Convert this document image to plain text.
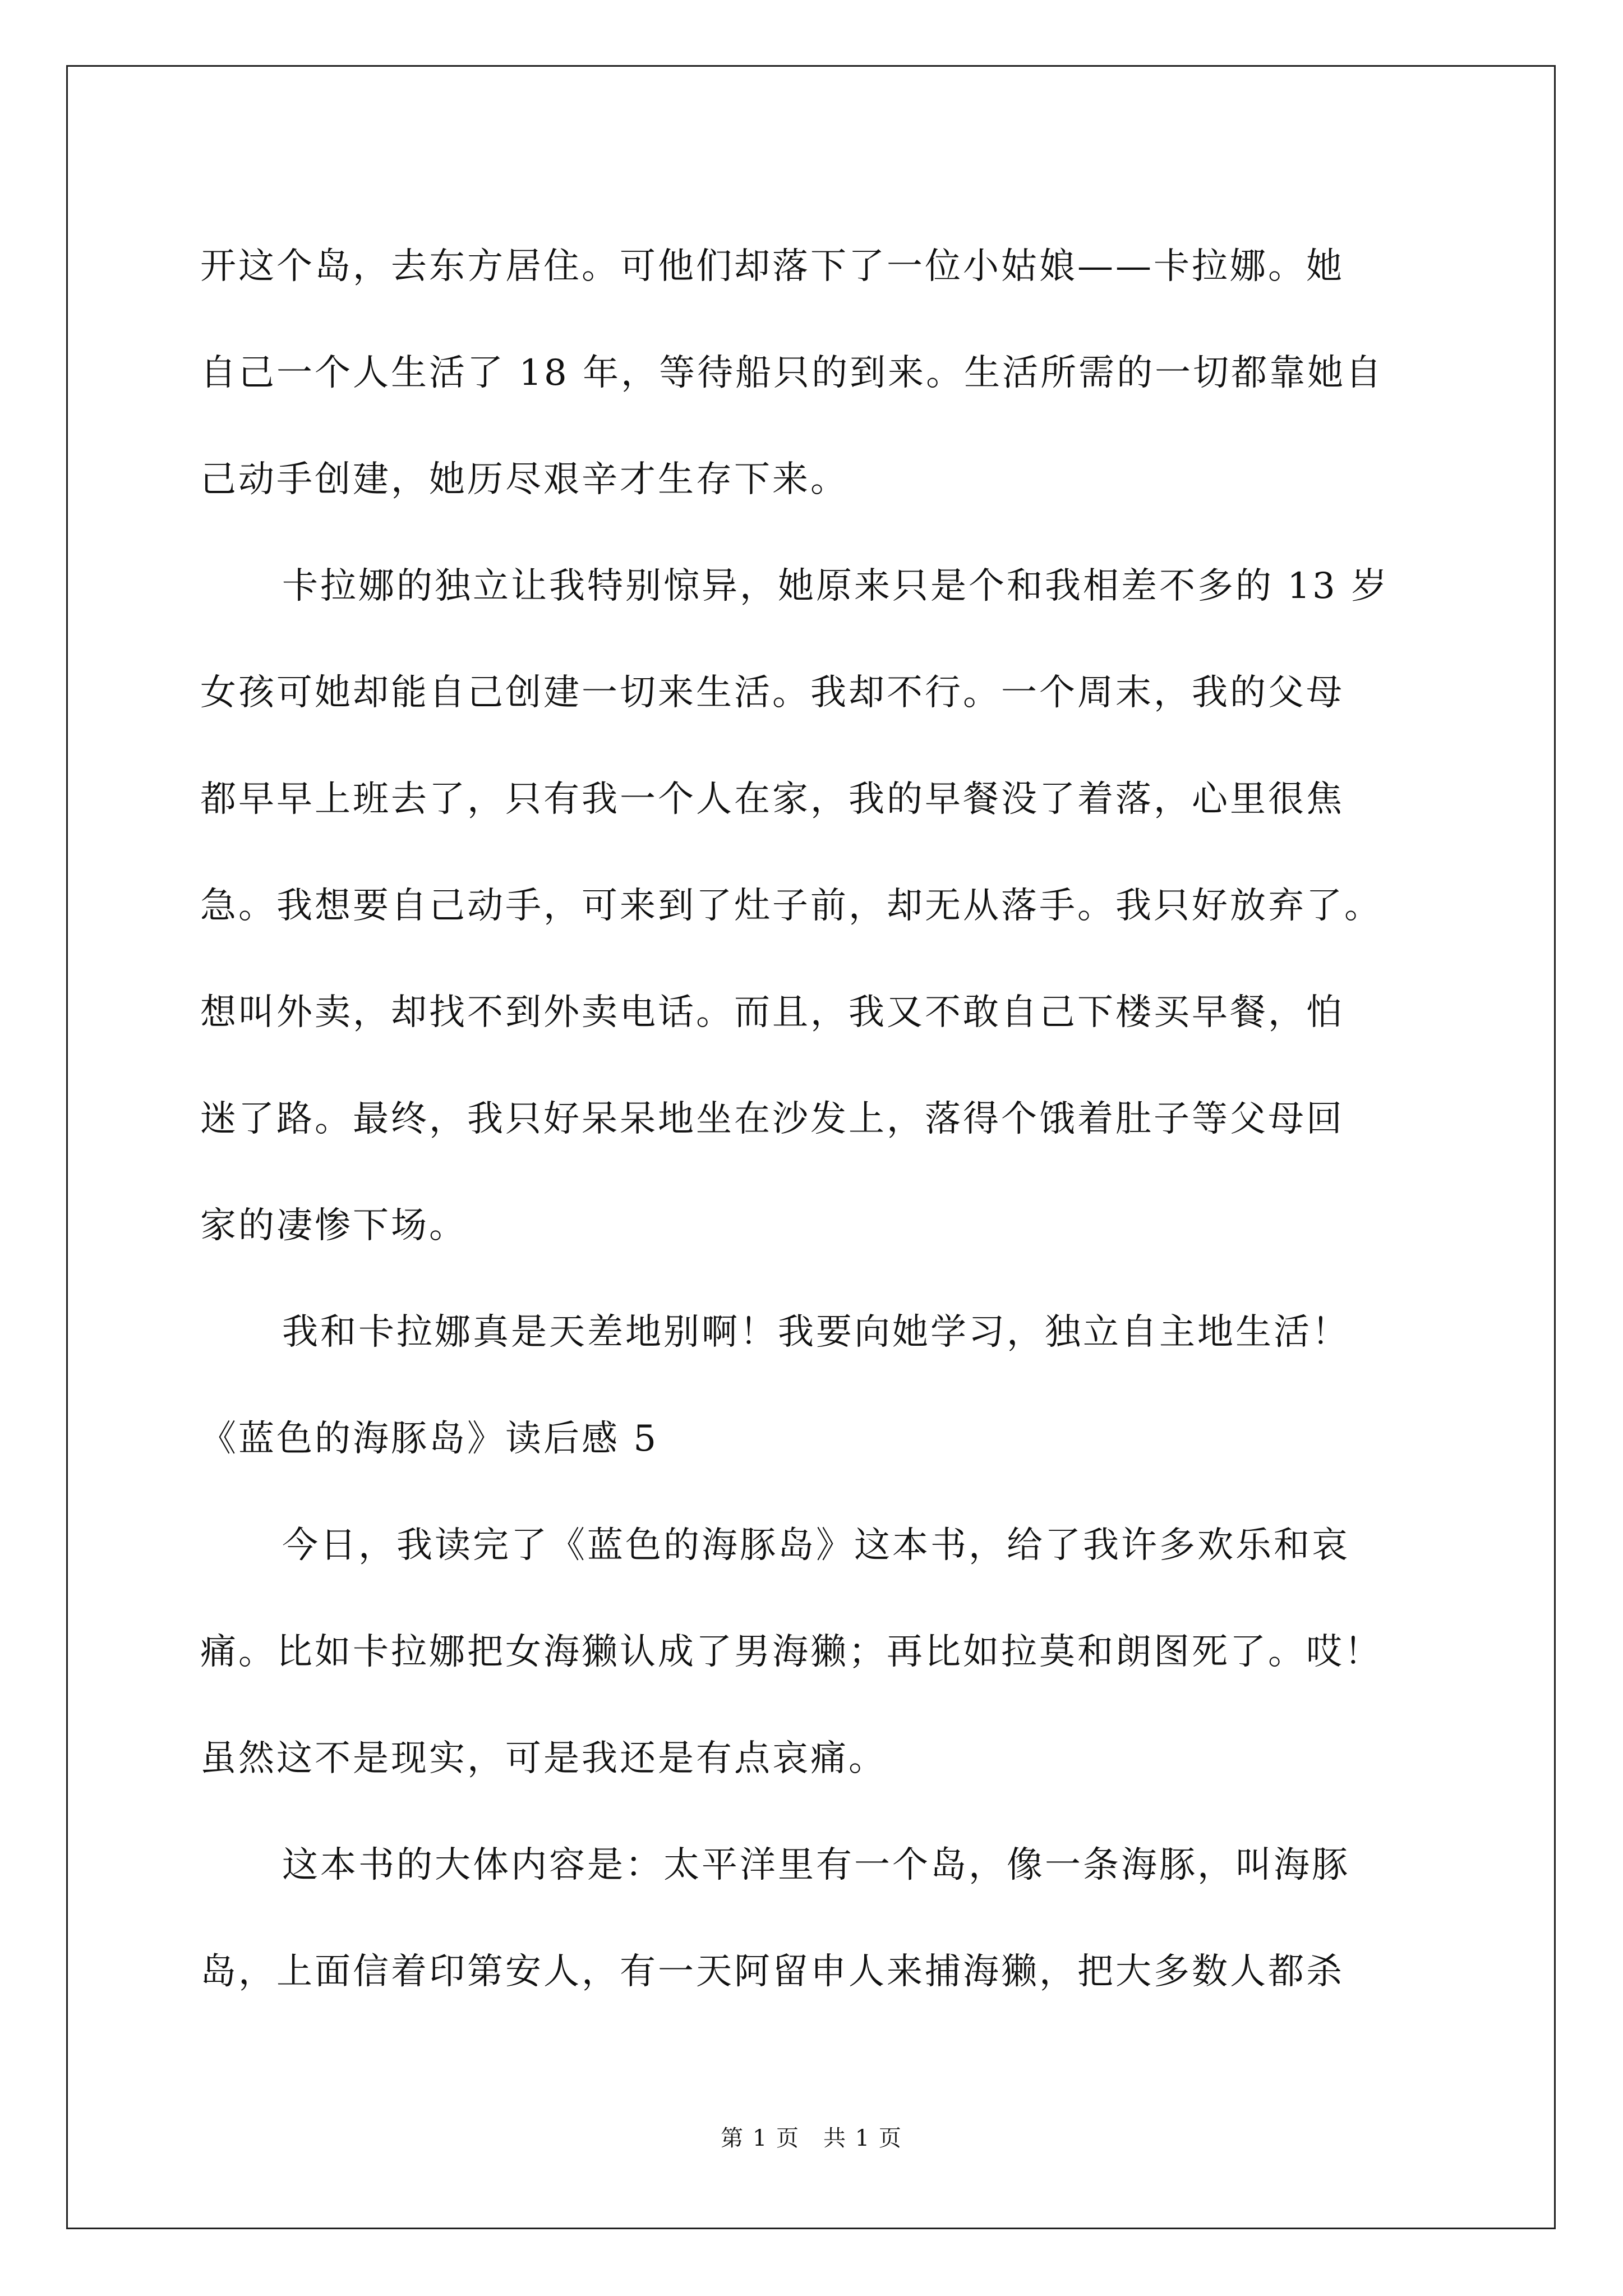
开这个岛，去东方居住。可他们却落下了一位小姑娘——卡拉娜。她
自己一个人生活了 18 年，等待船只的到来。生活所需的一切都靠她自
己动手创建，她历尽艰辛才生存下来。
卡拉娜的独立让我特别惊异，她原来只是个和我相差不多的 13 岁
女孩可她却能自己创建一切来生活。我却不行。一个周末，我的父母
都早早上班去了，只有我一个人在家，我的早餐没了着落，心里很焦
急。我想要自己动手，可来到了灶子前，却无从落手。我只好放弃了。
想叫外卖，却找不到外卖电话。而且，我又不敢自己下楼买早餐，怕
迷了路。最终，我只好呆呆地坐在沙发上，落得个饿着肚子等父母回
家的凄惨下场。
我和卡拉娜真是天差地别啊！我要向她学习，独立自主地生活！
《蓝色的海豚岛》读后感 5
今日，我读完了《蓝色的海豚岛》这本书，给了我许多欢乐和哀
痛。比如卡拉娜把女海獭认成了男海獭；再比如拉莫和朗图死了。哎！
虽然这不是现实，可是我还是有点哀痛。
这本书的大体内容是：太平洋里有一个岛，像一条海豚，叫海豚
岛，上面信着印第安人，有一天阿留申人来捕海獭，把大多数人都杀
第 1 页　共 1 页
